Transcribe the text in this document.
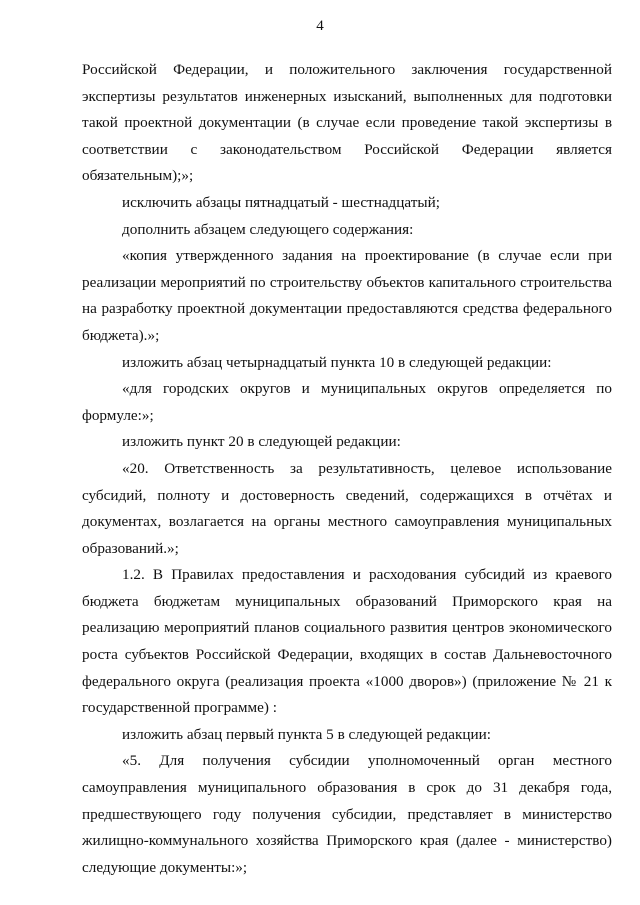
4

Российской Федерации, и положительного заключения государственной экспертизы результатов инженерных изысканий, выполненных для подготовки такой проектной документации (в случае если проведение такой экспертизы в соответствии с законодательством Российской Федерации является обязательным);»;

исключить абзацы пятнадцатый - шестнадцатый;

дополнить абзацем следующего содержания:

«копия утвержденного задания на проектирование (в случае если при реализации мероприятий по строительству объектов капитального строительства на разработку проектной документации предоставляются средства федерального бюджета).»;

изложить абзац четырнадцатый пункта 10 в следующей редакции:

«для городских округов и муниципальных округов определяется по формуле:»;

изложить пункт 20 в следующей редакции:

«20. Ответственность за результативность, целевое использование субсидий, полноту и достоверность сведений, содержащихся в отчётах и документах, возлагается на органы местного самоуправления муниципальных образований.»;

1.2. В Правилах предоставления и расходования субсидий из краевого бюджета бюджетам муниципальных образований Приморского края на реализацию мероприятий планов социального развития центров экономического роста субъектов Российской Федерации, входящих в состав Дальневосточного федерального округа (реализация проекта «1000 дворов») (приложение № 21 к государственной программе) :

изложить абзац первый пункта 5 в следующей редакции:

«5. Для получения субсидии уполномоченный орган местного самоуправления муниципального образования в срок до 31 декабря года, предшествующего году получения субсидии, представляет в министерство жилищно-коммунального хозяйства Приморского края (далее - министерство) следующие документы:»;
